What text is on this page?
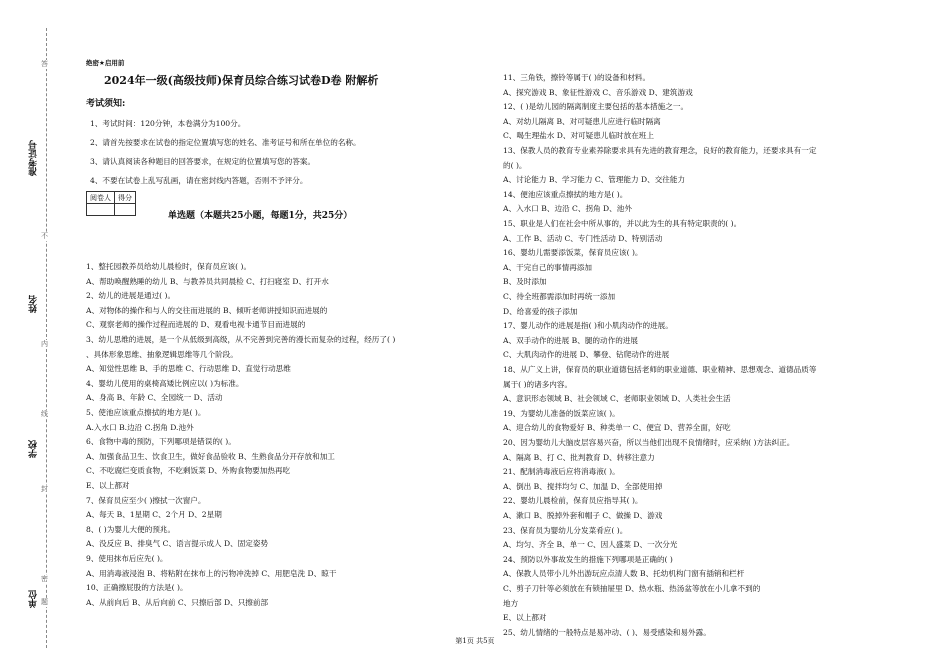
准考证号
姓名
学校
单位
答
不
内
线
封
密
题
绝密★启用前
2024年一级(高级技师)保育员综合练习试卷D卷 附解析
考试须知:
1、考试时间：120分钟，本卷满分为100分。
2、请首先按要求在试卷的指定位置填写您的姓名、准考证号和所在单位的名称。
3、请认真阅读各种题目的回答要求，在规定的位置填写您的答案。
4、不要在试卷上乱写乱画，请在密封线内答题，否则不予评分。
阅卷人	得分

单选题（本题共25小题，每题1分，共25分）
1、整托园教养员给幼儿晨检时，保育员应该( )。
A、帮助唤醒熟睡的幼儿 B、与教养员共同晨检 C、打扫寝室 D、打开水
2、幼儿的进展是通过( )。
A、对物体的操作和与人的交往而进展的 B、倾听老师讲授知识而进展的
C、观察老师的操作过程而进展的 D、观看电视卡通节目而进展的
3、幼儿思维的进展，是一个从低级到高级，从不完善到完善的漫长而复杂的过程，经历了( )
、具体形象思维、抽象逻辑思维等几个阶段。
A、知觉性思维 B、手的思维 C、行动思维 D、直觉行动思维
4、婴幼儿使用的桌椅高矮比例应以( )为标准。
A、身高 B、年龄 C、全园统一 D、活动
5、使池应该重点擦拭的地方是( )。
A.入水口 B.边沿 C.拐角 D.池外
6、食物中毒的预防，下列哪项是错误的( )。
A、加强食品卫生、饮食卫生，做好食品验收 B、生熟食品分开存放和加工
C、不吃腐烂变质食物，不吃剩饭菜 D、外购食物要加热再吃
E、以上都对
7、保育员应至少( )擦拭一次窗户。
A、每天 B、1星期 C、2个月 D、2星期
8、( )为婴儿大便的预兆。
A、没反应 B、排臭气 C、语言提示成人 D、固定姿势
9、使用抹布后应先( )。
A、用消毒液浸泡 B、将粘附在抹布上的污物冲洗掉 C、用肥皂洗 D、晾干
10、正确擦屁股的方法是( )。
A、从前向后 B、从后向前 C、只擦后部 D、只擦前部
11、三角铁，擦铃等属于( )的设备和材料。
A、探究游戏 B、象征性游戏 C、音乐游戏 D、建筑游戏
12、( )是幼儿园的隔离制度主要包括的基本措施之一。
A、对幼儿隔离 B、对可疑患儿应进行临时隔离
C、喝生理盐水 D、对可疑患儿临时放在班上
13、保教人员的教育专业素养除要求具有先进的教育理念，良好的教育能力，还要求具有一定
的( )。
A、讨论能力 B、学习能力 C、管理能力 D、交往能力
14、便池应该重点擦拭的地方是( )。
A、入水口 B、边沿 C、拐角 D、池外
15、职业是人们在社会中所从事的，并以此为生的具有特定职责的( )。
A、工作 B、活动 C、专门性活动 D、特别活动
16、婴幼儿需要添饭菜，保育员应该( )。
A、干完自己的事情再添加
B、及时添加
C、待全班都需添加时再统一添加
D、给喜爱的孩子添加
17、婴儿动作的进展是指( )和小肌肉动作的进展。
A、双手动作的进展 B、腿的动作的进展
C、大肌肉动作的进展 D、攀登、钻爬动作的进展
18、从广义上讲，保育员的职业道德包括老师的职业道德、职业精神、思想观念、道德品质等
属于( )的诸多内容。
A、意识形态领域 B、社会领域 C、老师职业领域 D、人类社会生活
19、为婴幼儿准备的饭菜应该( )。
A、迎合幼儿的食物爱好 B、种类单一 C、便宜 D、营养全面，好吃
20、因为婴幼儿大脑皮层容易兴奋，所以当他们出现不良情绪时，应采纳( )方法纠正。
A、隔离 B、打 C、批判教育 D、转移注意力
21、配制消毒液后应将消毒液( )。
A、倒出 B、搅拌均匀 C、加温 D、全部使用掉
22、婴幼儿晨检前，保育员应指导其( )。
A、漱口 B、脱掉外套和帽子 C、做操 D、游戏
23、保育员为婴幼儿分发菜肴应( )。
A、均匀、齐全 B、单一 C、因人盛菜 D、一次分光
24、预防以外事故发生的措施下列哪项是正确的( )
A、保教人员带小儿外出游玩应点清人数 B、托幼机构门窗有插销和栏杆
C、剪子刀针等必须放在有锁抽屉里 D、热水瓶、热汤盆等放在小儿拿不到的
地方
E、以上都对
25、幼儿情绪的一般特点是易冲动、( )、易受感染和易外露。
第1页 共5页
